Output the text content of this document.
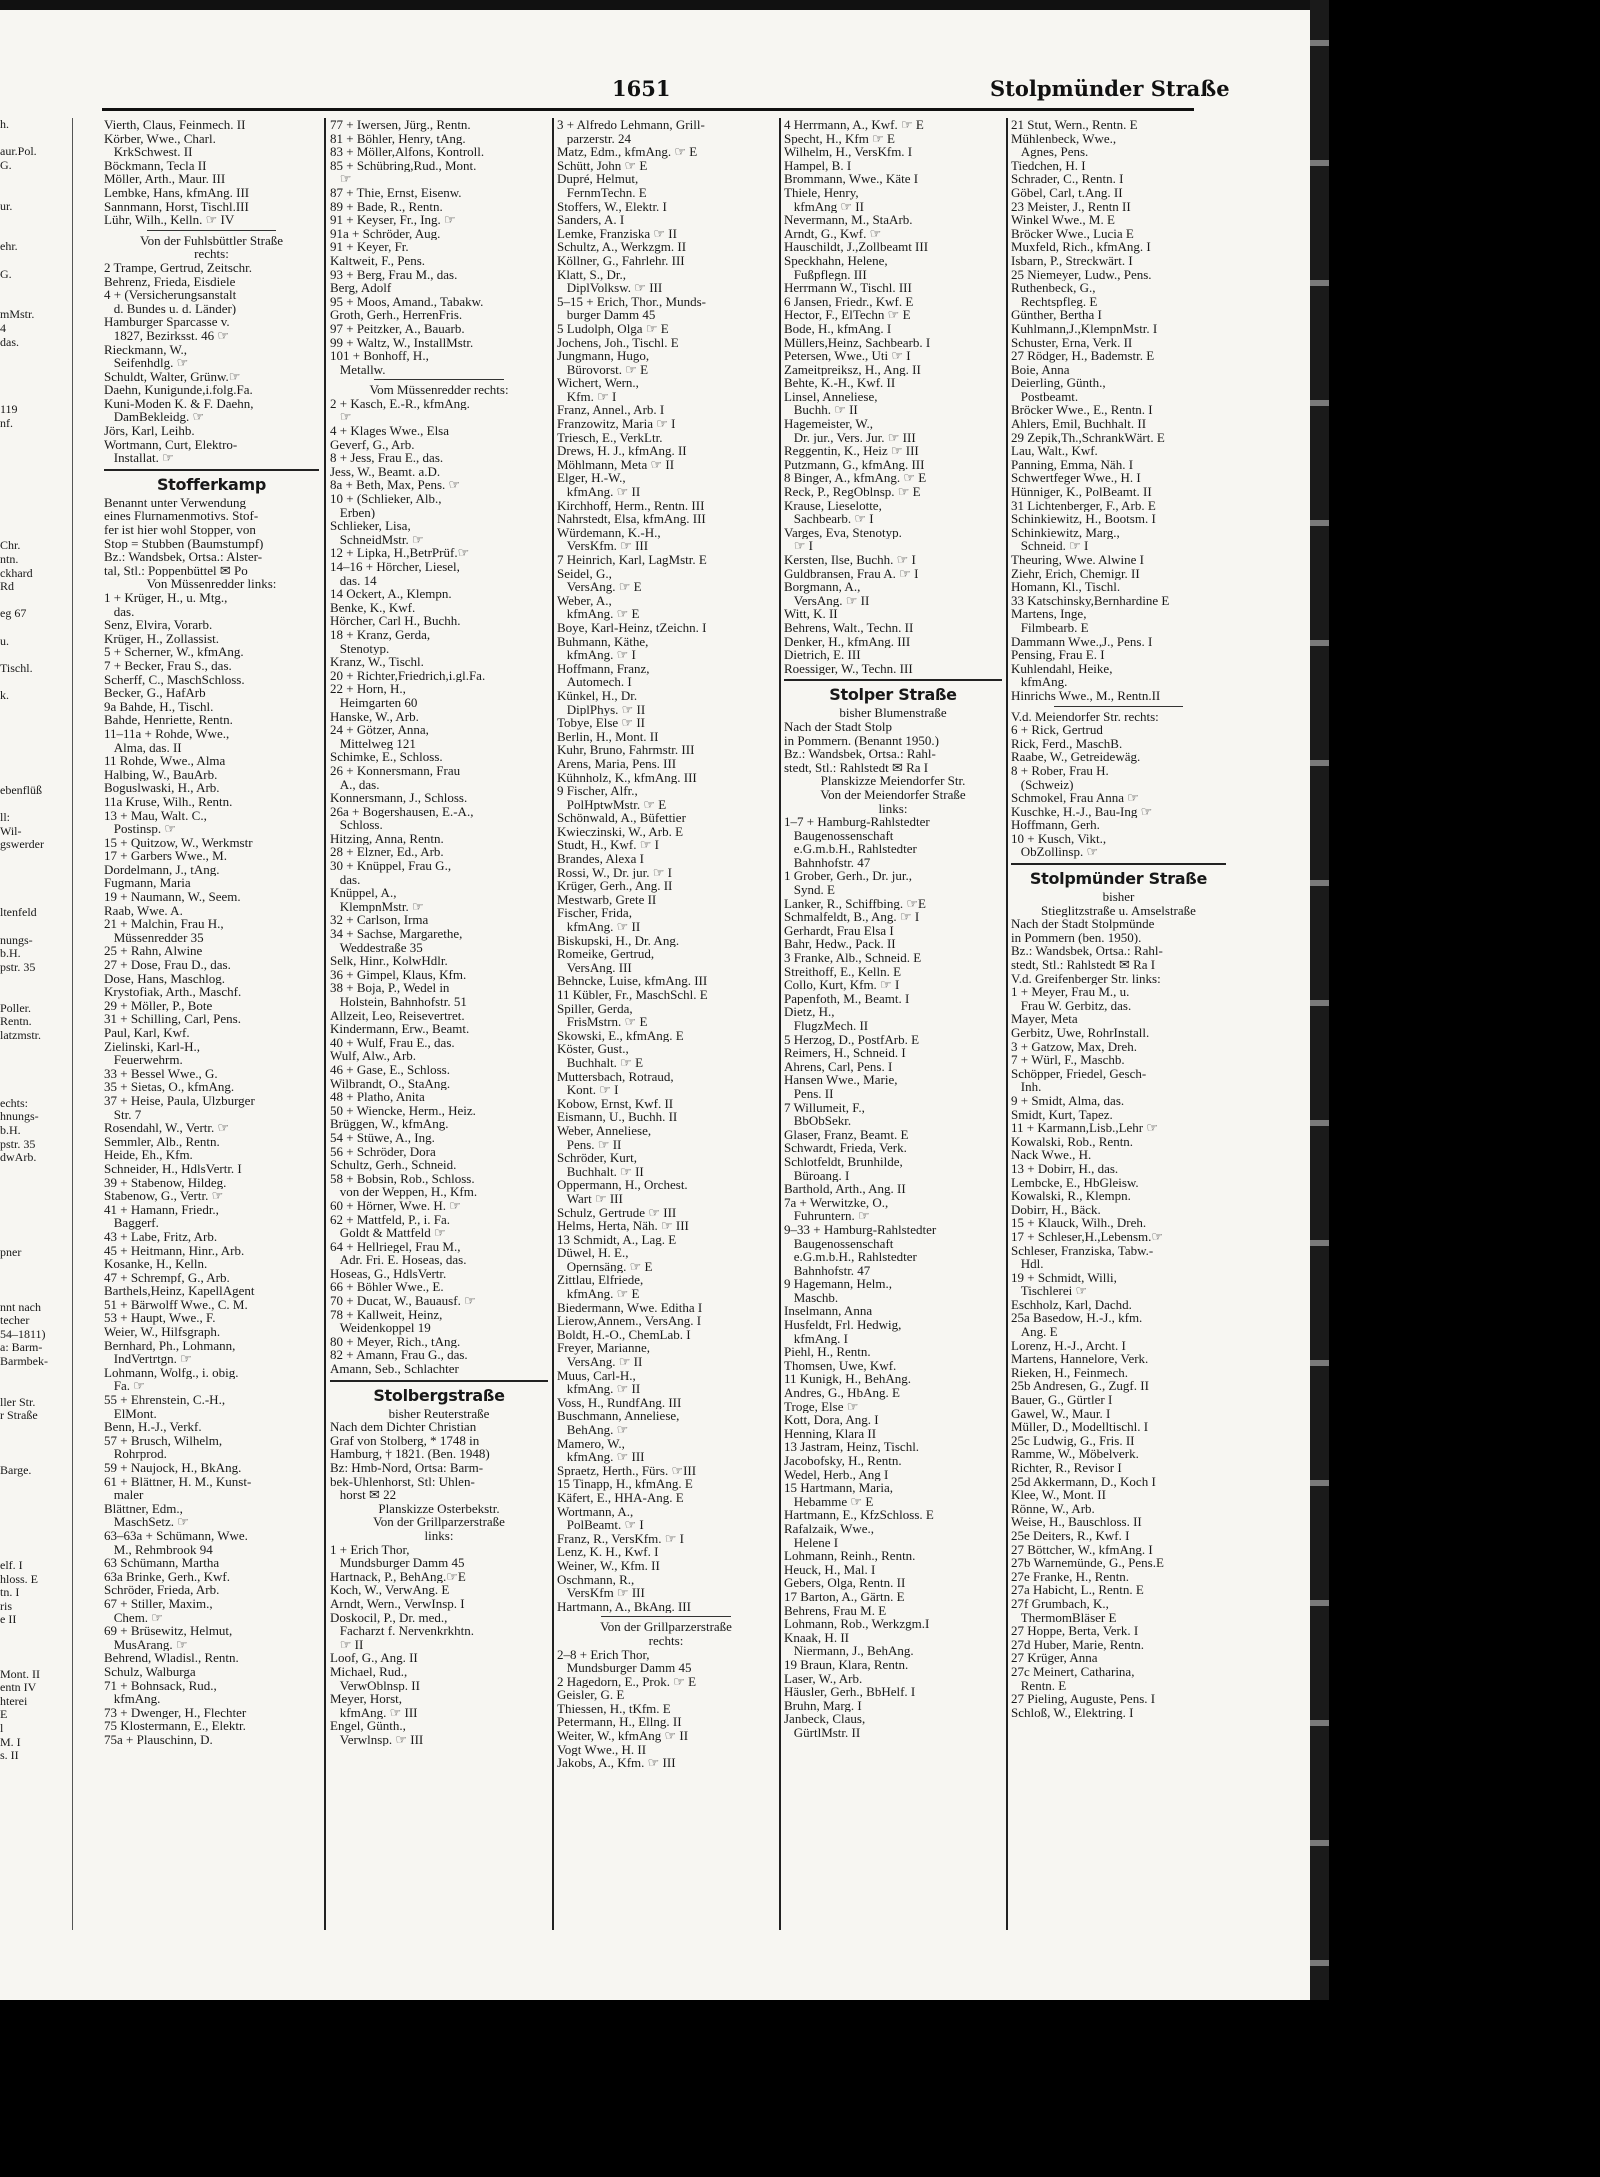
h.

aur.Pol.
G.

ur.

ehr.

G.

mMstr.
4
das.

119
nf.

Chr.
ntn.
ckhard
Rd

eg 67

u.

Tischl.

k.

ebenflüß

ll:
Wil-
gswerder

ltenfeld

nungs-
b.H.
pstr. 35

Poller.
Rentn.
latzmstr.

echts:
hnungs-
b.H.
pstr. 35
dwArb.

pner

nnt nach
techer
54–1811)
a: Barm-
Barmbek-

ller Str.
r Straße

Barge.

elf. I
hloss. E
tn. I
ris
e II

Mont. II
entn IV
hterei
E
l
M. I
s. II
1651	Stolpmünder Straße
Vierth, Claus, Feinmech. II
Körber, Wwe., Charl.
KrkSchwest. II
Böckmann, Tecla II
Möller, Arth., Maur. III
Lembke, Hans, kfmAng. III
Sannmann, Horst, Tischl.III
Lühr, Wilh., Kelln. ☞ IV
Von der Fuhlsbüttler Straße
rechts:
2 Trampe, Gertrud, Zeitschr.
Behrenz, Frieda, Eisdiele
4 + (Versicherungsanstalt
d. Bundes u. d. Länder)
Hamburger Sparcasse v.
1827, Bezirksst. 46 ☞
Rieckmann, W.,
Seifenhdlg. ☞
Schuldt, Walter, Grünw.☞
Daehn, Kunigunde,i.folg.Fa.
Kuni-Moden K. & F. Daehn,
DamBekleidg. ☞
Jörs, Karl, Leihb.
Wortmann, Curt, Elektro-
Installat. ☞
Stofferkamp
Benannt unter Verwendung
eines Flurnamenmotivs. Stof-
fer ist hier wohl Stopper, von
Stop = Stubben (Baumstumpf)
Bz.: Wandsbek, Ortsa.: Alster-
tal, Stl.: Poppenbüttel ✉ Po
Von Müssenredder links:
1 + Krüger, H., u. Mtg.,
das.
Senz, Elvira, Vorarb.
Krüger, H., Zollassist.
5 + Scherner, W., kfmAng.
7 + Becker, Frau S., das.
Scherff, C., MaschSchloss.
Becker, G., HafArb
9a Bahde, H., Tischl.
Bahde, Henriette, Rentn.
11–11a + Rohde, Wwe.,
Alma, das. II
11 Rohde, Wwe., Alma
Halbing, W., BauArb.
Boguslwaski, H., Arb.
11a Kruse, Wilh., Rentn.
13 + Mau, Walt. C.,
Postinsp. ☞
15 + Quitzow, W., Werkmstr
17 + Garbers Wwe., M.
Dordelmann, J., tAng.
Fugmann, Maria
19 + Naumann, W., Seem.
Raab, Wwe. A.
21 + Malchin, Frau H.,
Müssenredder 35
25 + Rahn, Alwine
27 + Dose, Frau D., das.
Dose, Hans, Maschlog.
Krystofiak, Arth., Maschf.
29 + Möller, P., Bote
31 + Schilling, Carl, Pens.
Paul, Karl, Kwf.
Zielinski, Karl-H.,
Feuerwehrm.
33 + Bessel Wwe., G.
35 + Sietas, O., kfmAng.
37 + Heise, Paula, Ulzburger
Str. 7
Rosendahl, W., Vertr. ☞
Semmler, Alb., Rentn.
Heide, Eh., Kfm.
Schneider, H., HdlsVertr. I
39 + Stabenow, Hildeg.
Stabenow, G., Vertr. ☞
41 + Hamann, Friedr.,
Baggerf.
43 + Labe, Fritz, Arb.
45 + Heitmann, Hinr., Arb.
Kosanke, H., Kelln.
47 + Schrempf, G., Arb.
Barthels,Heinz, KapellAgent
51 + Bärwolff Wwe., C. M.
53 + Haupt, Wwe., F.
Weier, W., Hilfsgraph.
Bernhard, Ph., Lohmann,
IndVertrtgn. ☞
Lohmann, Wolfg., i. obig.
Fa. ☞
55 + Ehrenstein, C.-H.,
ElMont.
Benn, H.-J., Verkf.
57 + Brusch, Wilhelm,
Rohrprod.
59 + Naujock, H., BkAng.
61 + Blättner, H. M., Kunst-
maler
Blättner, Edm.,
MaschSetz. ☞
63–63a + Schümann, Wwe.
M., Rehmbrook 94
63 Schümann, Martha
63a Brinke, Gerh., Kwf.
Schröder, Frieda, Arb.
67 + Stiller, Maxim.,
Chem. ☞
69 + Brüsewitz, Helmut,
MusArang. ☞
Behrend, Wladisl., Rentn.
Schulz, Walburga
71 + Bohnsack, Rud.,
kfmAng.
73 + Dwenger, H., Flechter
75 Klostermann, E., Elektr.
75a + Plauschinn, D.
77 + Iwersen, Jürg., Rentn.
81 + Böhler, Henry, tAng.
83 + Möller,Alfons, Kontroll.
85 + Schübring,Rud., Mont.
☞
87 + Thie, Ernst, Eisenw.
89 + Bade, R., Rentn.
91 + Keyser, Fr., Ing. ☞
91a + Schröder, Aug.
91 + Keyer, Fr.
Kaltweit, F., Pens.
93 + Berg, Frau M., das.
Berg, Adolf
95 + Moos, Amand., Tabakw.
Groth, Gerh., HerrenFris.
97 + Peitzker, A., Bauarb.
99 + Waltz, W., InstallMstr.
101 + Bonhoff, H.,
Metallw.
Vom Müssenredder rechts:
2 + Kasch, E.-R., kfmAng.
☞
4 + Klages Wwe., Elsa
Geverf, G., Arb.
8 + Jess, Frau E., das.
Jess, W., Beamt. a.D.
8a + Beth, Max, Pens. ☞
10 + (Schlieker, Alb.,
Erben)
Schlieker, Lisa,
SchneidMstr. ☞
12 + Lipka, H.,BetrPrüf.☞
14–16 + Hörcher, Liesel,
das. 14
14 Ockert, A., Klempn.
Benke, K., Kwf.
Hörcher, Carl H., Buchh.
18 + Kranz, Gerda,
Stenotyp.
Kranz, W., Tischl.
20 + Richter,Friedrich,i.gl.Fa.
22 + Horn, H.,
Heimgarten 60
Hanske, W., Arb.
24 + Götzer, Anna,
Mittelweg 121
Schimke, E., Schloss.
26 + Konnersmann, Frau
A., das.
Konnersmann, J., Schloss.
26a + Bogershausen, E.-A.,
Schloss.
Hitzing, Anna, Rentn.
28 + Elzner, Ed., Arb.
30 + Knüppel, Frau G.,
das.
Knüppel, A.,
KlempnMstr. ☞
32 + Carlson, Irma
34 + Sachse, Margarethe,
Weddestraße 35
Selk, Hinr., KolwHdlr.
36 + Gimpel, Klaus, Kfm.
38 + Boja, P., Wedel in
Holstein, Bahnhofstr. 51
Allzeit, Leo, Reisevertret.
Kindermann, Erw., Beamt.
40 + Wulf, Frau E., das.
Wulf, Alw., Arb.
46 + Gase, E., Schloss.
Wilbrandt, O., StaAng.
48 + Platho, Anita
50 + Wiencke, Herm., Heiz.
Brüggen, W., kfmAng.
54 + Stüwe, A., Ing.
56 + Schröder, Dora
Schultz, Gerh., Schneid.
58 + Bobsin, Rob., Schloss.
von der Weppen, H., Kfm.
60 + Hörner, Wwe. H. ☞
62 + Mattfeld, P., i. Fa.
Goldt & Mattfeld ☞
64 + Hellriegel, Frau M.,
Adr. Fri. E. Hoseas, das.
Hoseas, G., HdlsVertr.
66 + Böhler Wwe., E.
70 + Ducat, W., Bauausf. ☞
78 + Kallweit, Heinz,
Weidenkoppel 19
80 + Meyer, Rich., tAng.
82 + Amann, Frau G., das.
Amann, Seb., Schlachter
Stolbergstraße
bisher Reuterstraße
Nach dem Dichter Christian
Graf von Stolberg, * 1748 in
Hamburg, † 1821. (Ben. 1948)
Bz: Hmb-Nord, Ortsa: Barm-
bek-Uhlenhorst, Stl: Uhlen-
horst ✉ 22
Planskizze Osterbekstr.
Von der Grillparzerstraße
links:
1 + Erich Thor,
Mundsburger Damm 45
Hartnack, P., BehAng.☞E
Koch, W., VerwAng. E
Arndt, Wern., VerwInsp. I
Doskocil, P., Dr. med.,
Facharzt f. Nervenkrkhtn.
☞ II
Loof, G., Ang. II
Michael, Rud.,
VerwOblnsp. II
Meyer, Horst,
kfmAng. ☞ III
Engel, Günth.,
Verwlnsp. ☞ III
3 + Alfredo Lehmann, Grill-
parzerstr. 24
Matz, Edm., kfmAng. ☞ E
Schütt, John ☞ E
Dupré, Helmut,
FernmTechn. E
Stoffers, W., Elektr. I
Sanders, A. I
Lemke, Franziska ☞ II
Schultz, A., Werkzgm. II
Köllner, G., Fahrlehr. III
Klatt, S., Dr.,
DiplVolksw. ☞ III
5–15 + Erich, Thor., Munds-
burger Damm 45
5 Ludolph, Olga ☞ E
Jochens, Joh., Tischl. E
Jungmann, Hugo,
Bürovorst. ☞ E
Wichert, Wern.,
Kfm. ☞ I
Franz, Annel., Arb. I
Franzowitz, Maria ☞ I
Triesch, E., VerkLtr.
Drews, H. J., kfmAng. II
Möhlmann, Meta ☞ II
Elger, H.-W.,
kfmAng. ☞ II
Kirchhoff, Herm., Rentn. III
Nahrstedt, Elsa, kfmAng. III
Würdemann, K.-H.,
VersKfm. ☞ III
7 Heinrich, Karl, LagMstr. E
Seidel, G.,
VersAng. ☞ E
Weber, A.,
kfmAng. ☞ E
Boye, Karl-Heinz, tZeichn. I
Buhmann, Käthe,
kfmAng. ☞ I
Hoffmann, Franz,
Automech. I
Künkel, H., Dr.
DiplPhys. ☞ II
Tobye, Else ☞ II
Berlin, H., Mont. II
Kuhr, Bruno, Fahrmstr. III
Arens, Maria, Pens. III
Kühnholz, K., kfmAng. III
9 Fischer, Alfr.,
PolHptwMstr. ☞ E
Schönwald, A., Büfettier
Kwieczinski, W., Arb. E
Studt, H., Kwf. ☞ I
Brandes, Alexa I
Rossi, W., Dr. jur. ☞ I
Krüger, Gerh., Ang. II
Mestwarb, Grete II
Fischer, Frida,
kfmAng. ☞ II
Biskupski, H., Dr. Ang.
Romeike, Gertrud,
VersAng. III
Behncke, Luise, kfmAng. III
11 Kübler, Fr., MaschSchl. E
Spiller, Gerda,
FrisMstrn. ☞ E
Skowski, E., kfmAng. E
Köster, Gust.,
Buchhalt. ☞ E
Muttersbach, Rotraud,
Kont. ☞ I
Kobow, Ernst, Kwf. II
Eismann, U., Buchh. II
Weber, Anneliese,
Pens. ☞ II
Schröder, Kurt,
Buchhalt. ☞ II
Oppermann, H., Orchest.
Wart ☞ III
Schulz, Gertrude ☞ III
Helms, Herta, Näh. ☞ III
13 Schmidt, A., Lag. E
Düwel, H. E.,
Opernsäng. ☞ E
Zittlau, Elfriede,
kfmAng. ☞ E
Biedermann, Wwe. Editha I
Lierow,Annem., VersAng. I
Boldt, H.-O., ChemLab. I
Freyer, Marianne,
VersAng. ☞ II
Muus, Carl-H.,
kfmAng. ☞ II
Voss, H., RundfAng. III
Buschmann, Anneliese,
BehAng. ☞
Mamero, W.,
kfmAng. ☞ III
Spraetz, Herth., Fürs. ☞III
15 Tinapp, H., kfmAng. E
Käfert, E., HHA-Ang. E
Wortmann, A.,
PolBeamt. ☞ I
Franz, R., VersKfm. ☞ I
Lenz, K. H., Kwf. I
Weiner, W., Kfm. II
Oschmann, R.,
VersKfm ☞ III
Hartmann, A., BkAng. III
Von der Grillparzerstraße
rechts:
2–8 + Erich Thor,
Mundsburger Damm 45
2 Hagedorn, E., Prok. ☞ E
Geisler, G. E
Thiessen, H., tKfm. E
Petermann, H., Ellng. II
Weiter, W., kfmAng ☞ II
Vogt Wwe., H. II
Jakobs, A., Kfm. ☞ III
4 Herrmann, A., Kwf. ☞ E
Specht, H., Kfm ☞ E
Wilhelm, H., VersKfm. I
Hampel, B. I
Brommann, Wwe., Käte I
Thiele, Henry,
kfmAng ☞ II
Nevermann, M., StaArb.
Arndt, G., Kwf. ☞
Hauschildt, J.,Zollbeamt III
Speckhahn, Helene,
Fußpflegn. III
Herrmann W., Tischl. III
6 Jansen, Friedr., Kwf. E
Hector, F., ElTechn ☞ E
Bode, H., kfmAng. I
Müllers,Heinz, Sachbearb. I
Petersen, Wwe., Uti ☞ I
Zameitpreiksz, H., Ang. II
Behte, K.-H., Kwf. II
Linsel, Anneliese,
Buchh. ☞ II
Hagemeister, W.,
Dr. jur., Vers. Jur. ☞ III
Reggentin, K., Heiz ☞ III
Putzmann, G., kfmAng. III
8 Binger, A., kfmAng. ☞ E
Reck, P., RegOblnsp. ☞ E
Krause, Lieselotte,
Sachbearb. ☞ I
Varges, Eva, Stenotyp.
☞ I
Kersten, Ilse, Buchh. ☞ I
Guldbransen, Frau A. ☞ I
Borgmann, A.,
VersAng. ☞ II
Witt, K. II
Behrens, Walt., Techn. II
Denker, H., kfmAng. III
Dietrich, E. III
Roessiger, W., Techn. III
Stolper Straße
bisher Blumenstraße
Nach der Stadt Stolp
in Pommern. (Benannt 1950.)
Bz.: Wandsbek, Ortsa.: Rahl-
stedt, Stl.: Rahlstedt ✉ Ra I
Planskizze Meiendorfer Str.
Von der Meiendorfer Straße
links:
1–7 + Hamburg-Rahlstedter
Baugenossenschaft
e.G.m.b.H., Rahlstedter
Bahnhofstr. 47
1 Grober, Gerh., Dr. jur.,
Synd. E
Lanker, R., Schiffbing. ☞E
Schmalfeldt, B., Ang. ☞ I
Gerhardt, Frau Elsa I
Bahr, Hedw., Pack. II
3 Franke, Alb., Schneid. E
Streithoff, E., Kelln. E
Collo, Kurt, Kfm. ☞ I
Papenfoth, M., Beamt. I
Dietz, H.,
FlugzMech. II
5 Herzog, D., PostfArb. E
Reimers, H., Schneid. I
Ahrens, Carl, Pens. I
Hansen Wwe., Marie,
Pens. II
7 Willumeit, F.,
BbObSekr.
Glaser, Franz, Beamt. E
Schwardt, Frieda, Verk.
Schlotfeldt, Brunhilde,
Büroang. I
Barthold, Arth., Ang. II
7a + Werwitzke, O.,
Fuhruntern. ☞
9–33 + Hamburg-Rahlstedter
Baugenossenschaft
e.G.m.b.H., Rahlstedter
Bahnhofstr. 47
9 Hagemann, Helm.,
Maschb.
Inselmann, Anna
Husfeldt, Frl. Hedwig,
kfmAng. I
Piehl, H., Rentn.
Thomsen, Uwe, Kwf.
11 Kunigk, H., BehAng.
Andres, G., HbAng. E
Troge, Else ☞
Kott, Dora, Ang. I
Henning, Klara II
13 Jastram, Heinz, Tischl.
Jacobofsky, H., Rentn.
Wedel, Herb., Ang I
15 Hartmann, Maria,
Hebamme ☞ E
Hartmann, E., KfzSchloss. E
Rafalzaik, Wwe.,
Helene I
Lohmann, Reinh., Rentn.
Heuck, H., Mal. I
Gebers, Olga, Rentn. II
17 Barton, A., Gärtn. E
Behrens, Frau M. E
Lohmann, Rob., Werkzgm.I
Knaak, H. II
Niermann, J., BehAng.
19 Braun, Klara, Rentn.
Laser, W., Arb.
Häusler, Gerh., BbHelf. I
Bruhn, Marg. I
Janbeck, Claus,
GürtlMstr. II
21 Stut, Wern., Rentn. E
Mühlenbeck, Wwe.,
Agnes, Pens.
Tiedchen, H. I
Schrader, C., Rentn. I
Göbel, Carl, t.Ang. II
23 Meister, J., Rentn II
Winkel Wwe., M. E
Bröcker Wwe., Lucia E
Muxfeld, Rich., kfmAng. I
Isbarn, P., Streckwärt. I
25 Niemeyer, Ludw., Pens.
Ruthenbeck, G.,
Rechtspfleg. E
Günther, Bertha I
Kuhlmann,J.,KlempnMstr. I
Schuster, Erna, Verk. II
27 Rödger, H., Bademstr. E
Boie, Anna
Deierling, Günth.,
Postbeamt.
Bröcker Wwe., E., Rentn. I
Ahlers, Emil, Buchhalt. II
29 Zepik,Th.,SchrankWärt. E
Lau, Walt., Kwf.
Panning, Emma, Näh. I
Schwertfeger Wwe., H. I
Hünniger, K., PolBeamt. II
31 Lichtenberger, F., Arb. E
Schinkiewitz, H., Bootsm. I
Schinkiewitz, Marg.,
Schneid. ☞ I
Theuring, Wwe. Alwine I
Ziehr, Erich, Chemigr. II
Homann, Kl., Tischl.
33 Katschinsky,Bernhardine E
Martens, Inge,
Filmbearb. E
Dammann Wwe.,J., Pens. I
Pensing, Frau E. I
Kuhlendahl, Heike,
kfmAng.
Hinrichs Wwe., M., Rentn.II
V.d. Meiendorfer Str. rechts:
6 + Rick, Gertrud
Rick, Ferd., MaschB.
Raabe, W., Getreidewäg.
8 + Rober, Frau H.
(Schweiz)
Schmokel, Frau Anna ☞
Kuschke, H.-J., Bau-Ing ☞
Hoffmann, Gerh.
10 + Kusch, Vikt.,
ObZollinsp. ☞
Stolpmünder Straße
bisher
Stieglitzstraße u. Amselstraße
Nach der Stadt Stolpmünde
in Pommern (ben. 1950).
Bz.: Wandsbek, Ortsa.: Rahl-
stedt, Stl.: Rahlstedt ✉ Ra I
V.d. Greifenberger Str. links:
1 + Meyer, Frau M., u.
Frau W. Gerbitz, das.
Mayer, Meta
Gerbitz, Uwe, RohrInstall.
3 + Gatzow, Max, Dreh.
7 + Würl, F., Maschb.
Schöpper, Friedel, Gesch-
Inh.
9 + Smidt, Alma, das.
Smidt, Kurt, Tapez.
11 + Karmann,Lisb.,Lehr ☞
Kowalski, Rob., Rentn.
Nack Wwe., H.
13 + Dobirr, H., das.
Lembcke, E., HbGleisw.
Kowalski, R., Klempn.
Dobirr, H., Bäck.
15 + Klauck, Wilh., Dreh.
17 + Schleser,H.,Lebensm.☞
Schleser, Franziska, Tabw.-
Hdl.
19 + Schmidt, Willi,
Tischlerei ☞
Eschholz, Karl, Dachd.
25a Basedow, H.-J., kfm.
Ang. E
Lorenz, H.-J., Archt. I
Martens, Hannelore, Verk.
Rieken, H., Feinmech.
25b Andresen, G., Zugf. II
Bauer, G., Gürtler I
Gawel, W., Maur. I
Müller, D., Modelltischl. I
25c Ludwig, G., Fris. II
Ramme, W., Möbelverk.
Richter, R., Revisor I
25d Akkermann, D., Koch I
Klee, W., Mont. II
Rönne, W., Arb.
Weise, H., Bauschloss. II
25e Deiters, R., Kwf. I
27 Böttcher, W., kfmAng. I
27b Warnemünde, G., Pens.E
27e Franke, H., Rentn.
27a Habicht, L., Rentn. E
27f Grumbach, K.,
ThermomBläser E
27 Hoppe, Berta, Verk. I
27d Huber, Marie, Rentn.
27 Krüger, Anna
27c Meinert, Catharina,
Rentn. E
27 Pieling, Auguste, Pens. I
Schloß, W., Elektring. I
